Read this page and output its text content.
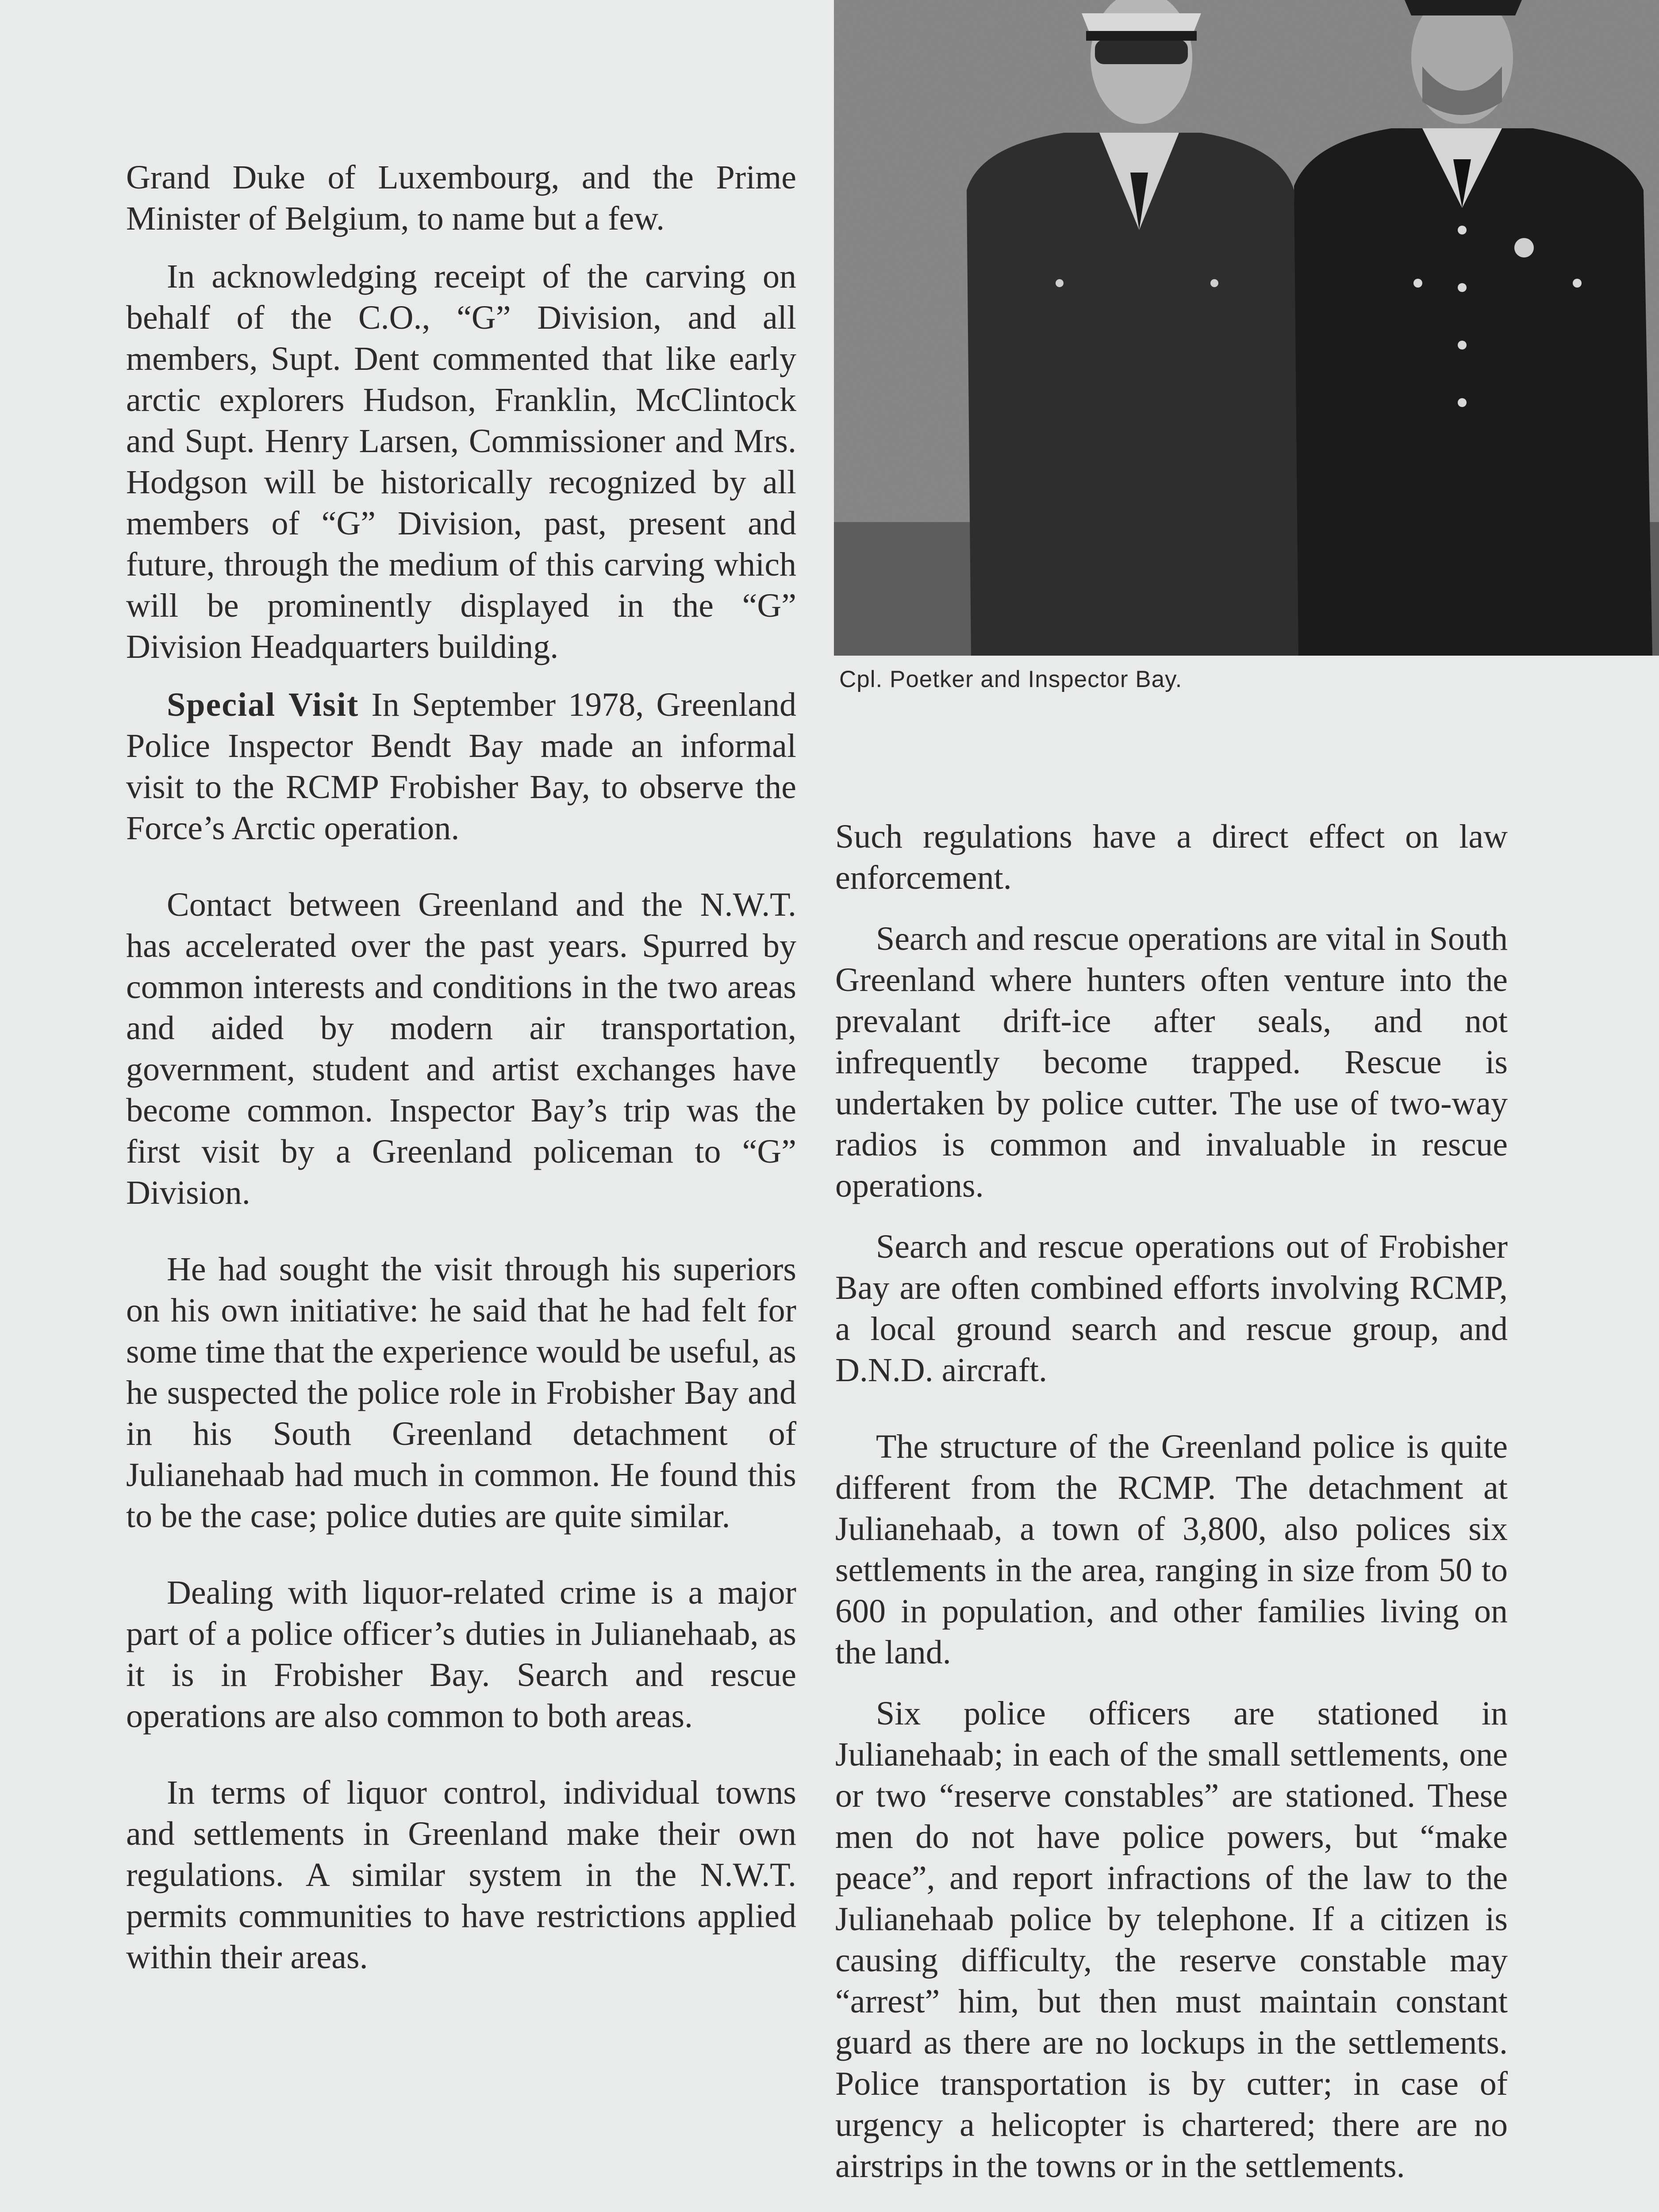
Grand Duke of Luxembourg, and the Prime Minister of Belgium, to name but a few.

In acknowledging receipt of the carving on behalf of the C.O., “G” Division, and all members, Supt. Dent commented that like early arctic explorers Hudson, Franklin, McClintock and Supt. Henry Larsen, Commissioner and Mrs. Hodgson will be historically recognized by all members of “G” Division, past, present and future, through the medium of this carving which will be prominently displayed in the “G” Division Headquarters building.

Special Visit In September 1978, Greenland Police Inspector Bendt Bay made an informal visit to the RCMP Frobisher Bay, to observe the Force’s Arctic operation.

Contact between Greenland and the N.W.T. has accelerated over the past years. Spurred by common interests and conditions in the two areas and aided by modern air transportation, government, student and artist exchanges have become common. Inspector Bay’s trip was the first visit by a Greenland policeman to “G” Division.

He had sought the visit through his superiors on his own initiative: he said that he had felt for some time that the experience would be useful, as he suspected the police role in Frobisher Bay and in his South Greenland detachment of Julianehaab had much in common. He found this to be the case; police duties are quite similar.

Dealing with liquor-related crime is a major part of a police officer’s duties in Julianehaab, as it is in Frobisher Bay. Search and rescue operations are also common to both areas.

In terms of liquor control, individual towns and settlements in Greenland make their own regulations. A similar system in the N.W.T. permits communities to have restrictions applied within their areas.

Cpl. Poetker and Inspector Bay.

Such regulations have a direct effect on law enforcement.

Search and rescue operations are vital in South Greenland where hunters often venture into the prevalant drift-ice after seals, and not infrequently become trapped. Rescue is undertaken by police cutter. The use of two-way radios is common and invaluable in rescue operations.

Search and rescue operations out of Frobisher Bay are often combined efforts involving RCMP, a local ground search and rescue group, and D.N.D. aircraft.

The structure of the Greenland police is quite different from the RCMP. The detachment at Julianehaab, a town of 3,800, also polices six settlements in the area, ranging in size from 50 to 600 in population, and other families living on the land.

Six police officers are stationed in Julianehaab; in each of the small settlements, one or two “reserve constables” are stationed. These men do not have police powers, but “make peace”, and report infractions of the law to the Julianehaab police by telephone. If a citizen is causing difficulty, the reserve constable may “arrest” him, but then must maintain constant guard as there are no lockups in the settlements. Police transportation is by cutter; in case of urgency a helicopter is chartered; there are no airstrips in the towns or in the settlements.
